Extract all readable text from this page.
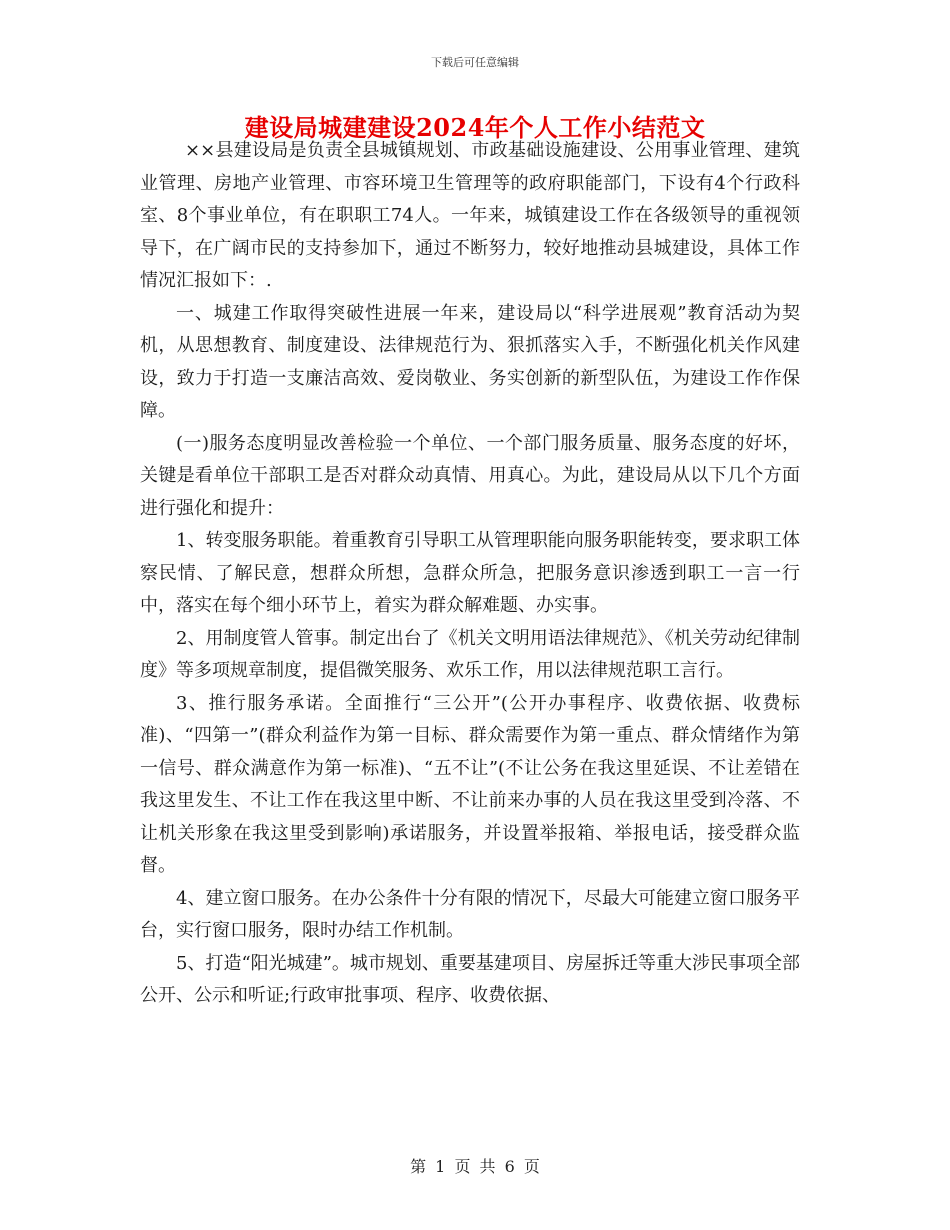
下载后可任意编辑
建设局城建建设2024年个人工作小结范文

××县建设局是负责全县城镇规划、市政基础设施建设、公用事业管理、建筑业管理、房地产业管理、市容环境卫生管理等的政府职能部门，下设有4个行政科室、8个事业单位，有在职职工74人。一年来，城镇建设工作在各级领导的重视领导下，在广阔市民的支持参加下，通过不断努力，较好地推动县城建设，具体工作情况汇报如下：.

一、城建工作取得突破性进展一年来，建设局以“科学进展观”教育活动为契机，从思想教育、制度建设、法律规范行为、狠抓落实入手，不断强化机关作风建设，致力于打造一支廉洁高效、爱岗敬业、务实创新的新型队伍，为建设工作作保障。

(一)服务态度明显改善检验一个单位、一个部门服务质量、服务态度的好坏，关键是看单位干部职工是否对群众动真情、用真心。为此，建设局从以下几个方面进行强化和提升：

1、转变服务职能。着重教育引导职工从管理职能向服务职能转变，要求职工体察民情、了解民意，想群众所想，急群众所急，把服务意识渗透到职工一言一行中，落实在每个细小环节上，着实为群众解难题、办实事。

2、用制度管人管事。制定出台了《机关文明用语法律规范》、《机关劳动纪律制度》等多项规章制度，提倡微笑服务、欢乐工作，用以法律规范职工言行。

3、推行服务承诺。全面推行“三公开”(公开办事程序、收费依据、收费标准)、“四第一”(群众利益作为第一目标、群众需要作为第一重点、群众情绪作为第一信号、群众满意作为第一标准)、“五不让”(不让公务在我这里延误、不让差错在我这里发生、不让工作在我这里中断、不让前来办事的人员在我这里受到冷落、不让机关形象在我这里受到影响)承诺服务，并设置举报箱、举报电话，接受群众监督。

4、建立窗口服务。在办公条件十分有限的情况下，尽最大可能建立窗口服务平台，实行窗口服务，限时办结工作机制。

5、打造“阳光城建”。城市规划、重要基建项目、房屋拆迁等重大涉民事项全部公开、公示和听证;行政审批事项、程序、收费依据、

第 1 页 共 6 页
